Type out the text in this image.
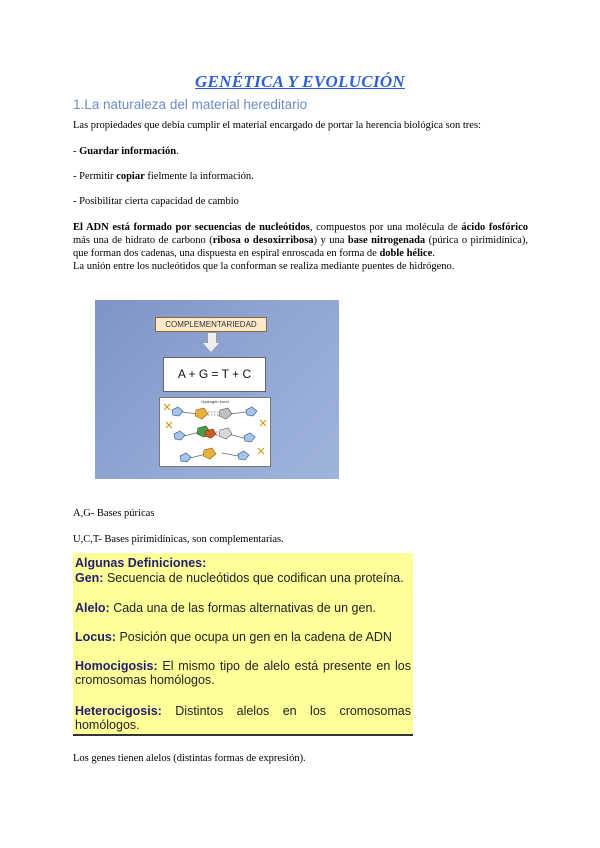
GENÉTICA Y EVOLUCIÓN
1.La naturaleza del material hereditario
Las propiedades que debía cumplir el material encargado de portar la herencia biológica son tres:
- Guardar información.
- Permitir copiar fielmente la información.
- Posibilitar cierta capacidad de cambio
El ADN está formado por secuencias de nucleótidos, compuestos por una molécula de ácido fosfórico más una de hidrato de carbono (ribosa o desoxirribosa) y una base nitrogenada (púrica o pirimidínica), que forman dos cadenas, una dispuesta en espiral enroscada en forma de doble hélice.
La unión entre los nucleótidos que la conforman se realiza mediante puentes de hidrógeno.
COMPLEMENTARIEDAD
A + G = T + C
Hydrogen bond
A,G- Bases púricas
U,C,T- Bases pirimidínicas, son complementarias.
Algunas Definiciones:
Gen: Secuencia de nucleótidos que codifican una proteína.
Alelo: Cada una de las formas alternativas de un gen.
Locus: Posición que ocupa un gen en la cadena de ADN
Homocigosis: El mismo tipo de alelo está presente en los cromosomas homólogos.
Heterocigosis: Distintos alelos en los cromosomas homólogos.
Los genes tienen alelos (distintas formas de expresión).
